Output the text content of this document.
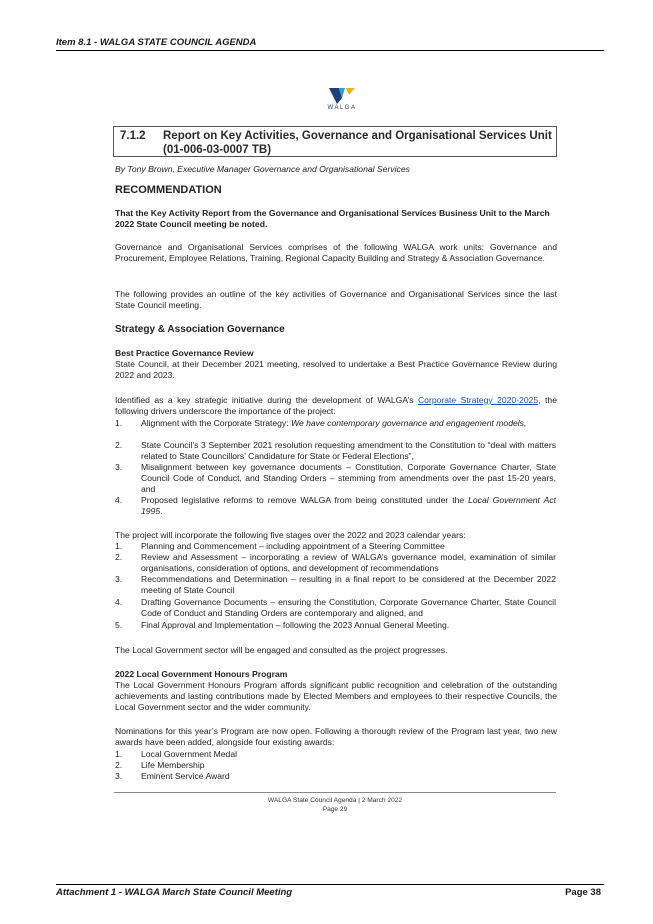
Item 8.1 - WALGA STATE COUNCIL AGENDA
WALGA
7.1.2 Report on Key Activities, Governance and Organisational Services Unit
(01-006-03-0007 TB)
By Tony Brown, Executive Manager Governance and Organisational Services
RECOMMENDATION
That the Key Activity Report from the Governance and Organisational Services Business Unit to the March 2022 State Council meeting be noted.
Governance and Organisational Services comprises of the following WALGA work units: Governance and Procurement, Employee Relations, Training, Regional Capacity Building and Strategy & Association Governance.
The following provides an outline of the key activities of Governance and Organisational Services since the last State Council meeting.
Strategy & Association Governance
Best Practice Governance Review
State Council, at their December 2021 meeting, resolved to undertake a Best Practice Governance Review during 2022 and 2023.
Identified as a key strategic initiative during the development of WALGA’s Corporate Strategy 2020-2025, the following drivers underscore the importance of the project:
1.	Alignment with the Corporate Strategy: We have contemporary governance and engagement models,
2.	State Council’s 3 September 2021 resolution requesting amendment to the Constitution to “deal with matters related to State Councillors’ Candidature for State or Federal Elections”,
3.	Misalignment between key governance documents – Constitution, Corporate Governance Charter, State Council Code of Conduct, and Standing Orders – stemming from amendments over the past 15-20 years, and
4.	Proposed legislative reforms to remove WALGA from being constituted under the Local Government Act 1995.
The project will incorporate the following five stages over the 2022 and 2023 calendar years:
1.	Planning and Commencement – including appointment of a Steering Committee
2.	Review and Assessment – incorporating a review of WALGA’s governance model, examination of similar organisations, consideration of options, and development of recommendations
3.	Recommendations and Determination – resulting in a final report to be considered at the December 2022 meeting of State Council
4.	Drafting Governance Documents – ensuring the Constitution, Corporate Governance Charter, State Council Code of Conduct and Standing Orders are contemporary and aligned, and
5.	Final Approval and Implementation – following the 2023 Annual General Meeting.
The Local Government sector will be engaged and consulted as the project progresses.
2022 Local Government Honours Program
The Local Government Honours Program affords significant public recognition and celebration of the outstanding achievements and lasting contributions made by Elected Members and employees to their respective Councils, the Local Government sector and the wider community.
Nominations for this year’s Program are now open. Following a thorough review of the Program last year, two new awards have been added, alongside four existing awards:
1.	Local Government Medal
2.	Life Membership
3.	Eminent Service Award
WALGA State Council Agenda | 2 March 2022
Page 29
Attachment 1 - WALGA March State Council Meeting	Page 38
